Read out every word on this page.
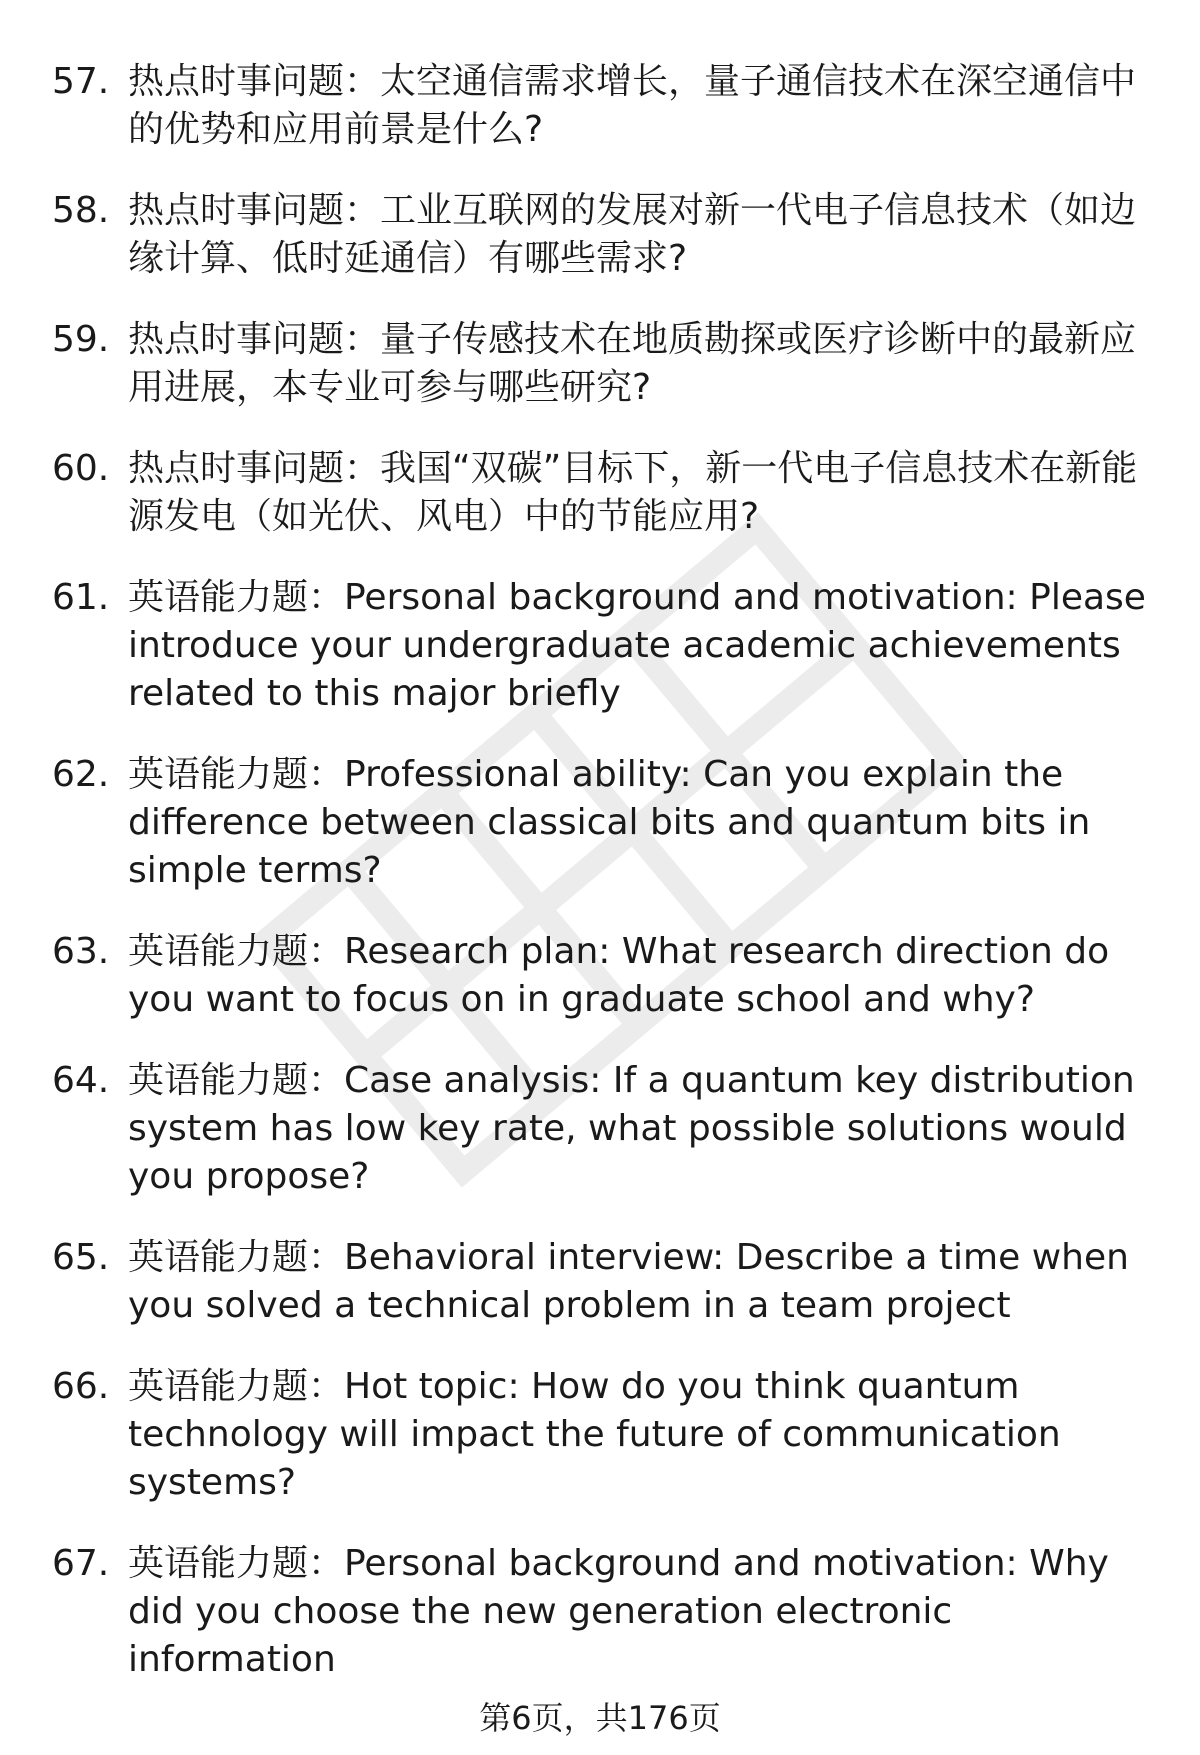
57. 热点时事问题：太空通信需求增长，量子通信技术在深空通信中的优势和应用前景是什么?
58. 热点时事问题：工业互联网的发展对新一代电子信息技术（如边缘计算、低时延通信）有哪些需求?
59. 热点时事问题：量子传感技术在地质勘探或医疗诊断中的最新应用进展，本专业可参与哪些研究?
60. 热点时事问题：我国“双碳”目标下，新一代电子信息技术在新能源发电（如光伏、风电）中的节能应用?
61. 英语能力题：Personal background and motivation: Please introduce your undergraduate academic achievements related to this major briefly
62. 英语能力题：Professional ability: Can you explain the difference between classical bits and quantum bits in simple terms?
63. 英语能力题：Research plan: What research direction do you want to focus on in graduate school and why?
64. 英语能力题：Case analysis: If a quantum key distribution system has low key rate, what possible solutions would you propose?
65. 英语能力题：Behavioral interview: Describe a time when you solved a technical problem in a team project
66. 英语能力题：Hot topic: How do you think quantum technology will impact the future of communication systems?
67. 英语能力题：Personal background and motivation: Why did you choose the new generation electronic information
第6页，共176页
